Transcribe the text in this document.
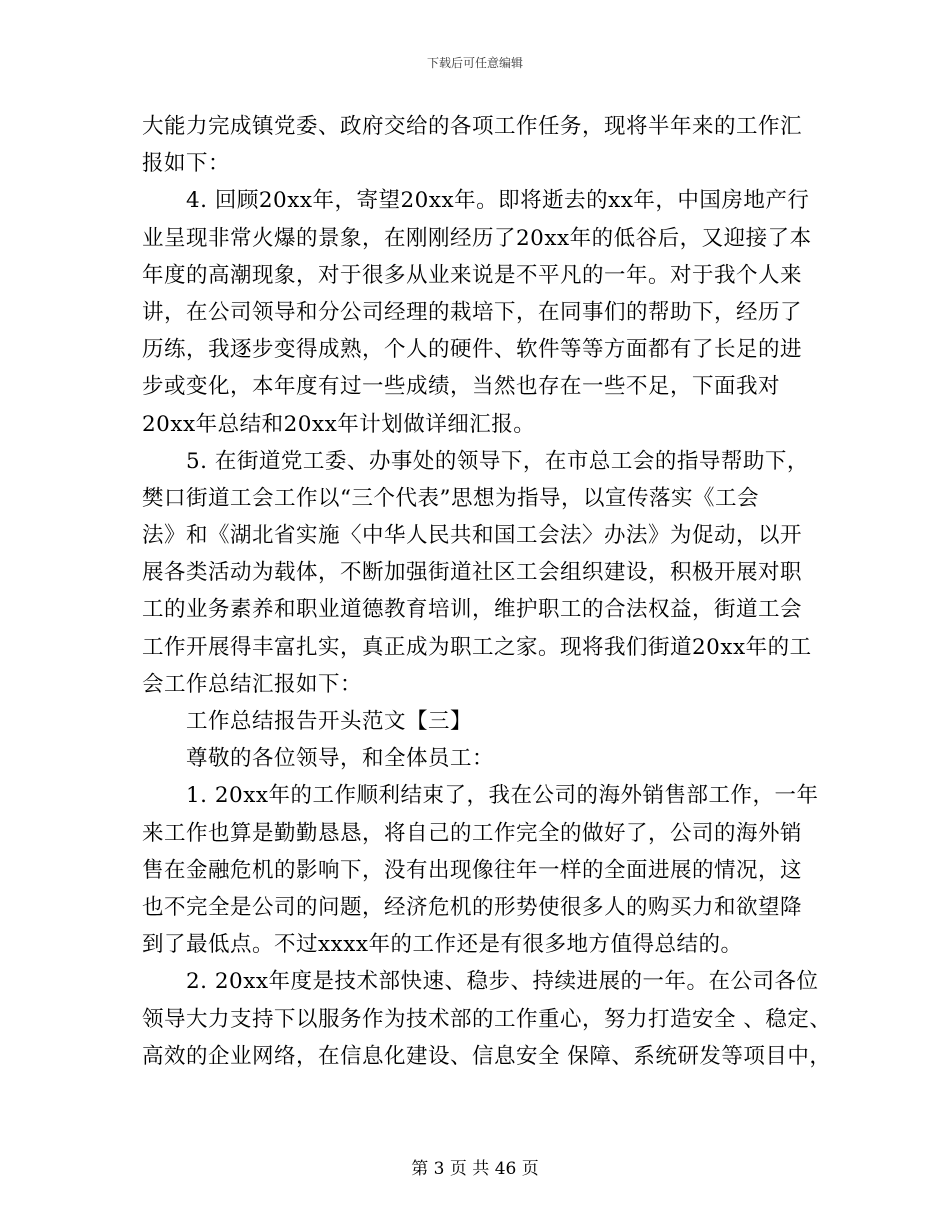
下载后可任意编辑
大能力完成镇党委、政府交给的各项工作任务，现将半年来的工作汇
报如下：
4. 回顾20xx年，寄望20xx年。即将逝去的xx年，中国房地产行
业呈现非常火爆的景象，在刚刚经历了20xx年的低谷后，又迎接了本
年度的高潮现象，对于很多从业来说是不平凡的一年。对于我个人来
讲，在公司领导和分公司经理的栽培下，在同事们的帮助下，经历了
历练，我逐步变得成熟，个人的硬件、软件等等方面都有了长足的进
步或变化，本年度有过一些成绩，当然也存在一些不足，下面我对
20xx年总结和20xx年计划做详细汇报。
5. 在街道党工委、办事处的领导下，在市总工会的指导帮助下，
樊口街道工会工作以“三个代表”思想为指导，以宣传落实《工会
法》和《湖北省实施〈中华人民共和国工会法〉办法》为促动，以开
展各类活动为载体，不断加强街道社区工会组织建设，积极开展对职
工的业务素养和职业道德教育培训，维护职工的合法权益，街道工会
工作开展得丰富扎实，真正成为职工之家。现将我们街道20xx年的工
会工作总结汇报如下：
工作总结报告开头范文【三】
尊敬的各位领导，和全体员工：
1. 20xx年的工作顺利结束了，我在公司的海外销售部工作，一年
来工作也算是勤勤恳恳，将自己的工作完全的做好了，公司的海外销
售在金融危机的影响下，没有出现像往年一样的全面进展的情况，这
也不完全是公司的问题，经济危机的形势使很多人的购买力和欲望降
到了最低点。不过xxxx年的工作还是有很多地方值得总结的。
2. 20xx年度是技术部快速、稳步、持续进展的一年。在公司各位
领导大力支持下以服务作为技术部的工作重心，努力打造安全 、稳定、
高效的企业网络，在信息化建设、信息安全 保障、系统研发等项目中，
第 3 页 共 46 页
